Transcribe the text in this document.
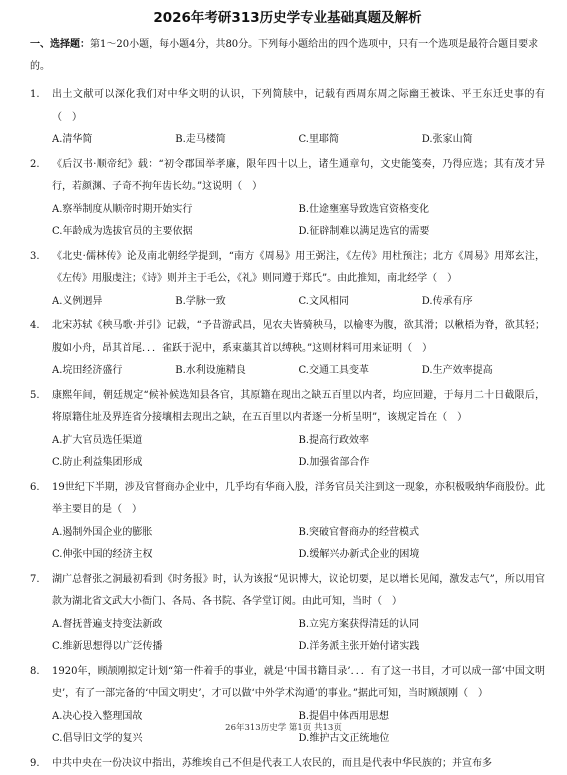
2026年考研313历史学专业基础真题及解析
一、选择题：第1～20小题，每小题4分，共80分。下列每小题给出的四个选项中，只有一个选项是最符合题目要求的。
1.	出土文献可以深化我们对中华文明的认识，下列简牍中，记载有西周东周之际幽王被诛、平王东迁史事的有（　）
A.清华简	B.走马楼简	C.里耶简	D.张家山简
2.	《后汉书·顺帝纪》载：“初令郡国举孝廉，限年四十以上，诸生通章句，文史能笺奏，乃得应选；其有茂才异行，若颜渊、子奇不拘年齿长幼。”这说明（　）
A.察举制度从顺帝时期开始实行	B.仕途壅塞导致选官资格变化
C.年龄成为选拔官员的主要依据	D.征辟制难以满足选官的需要
3.	《北史·儒林传》论及南北朝经学提到，“南方《周易》用王弼注，《左传》用杜预注；北方《周易》用郑玄注，《左传》用服虔注；《诗》则并主于毛公，《礼》则同遵于郑氏”。由此推知，南北经学（　）
A.义例迥异	B.学脉一致	C.文风相同	D.传承有序
4.	北宋苏轼《秧马歌·并引》记载，“予昔游武昌，见农夫皆骑秧马，以榆枣为腹，欲其滑；以楸梧为脊，欲其轻；腹如小舟，昂其首尾．．．雀跃于泥中，系束藁其首以缚秧。”这则材料可用来证明（　）
A.垸田经济盛行	B.水利设施精良	C.交通工具变革	D.生产效率提高
5.	康熙年间，朝廷规定“候补候选知县各官，其原籍在现出之缺五百里以内者，均应回避，于每月二十日截限后，将原籍住址及界连省分接壤相去现出之缺，在五百里以内者逐一分析呈明”，该规定旨在（　）
A.扩大官员选任渠道	B.提高行政效率
C.防止利益集团形成	D.加强省部合作
6.	19世纪下半期，涉及官督商办企业中，几乎均有华商入股，洋务官员关注到这一现象，亦积极吸纳华商股份。此举主要目的是（　）
A.遏制外国企业的膨胀	B.突破官督商办的经营模式
C.伸张中国的经济主权	D.缓解兴办新式企业的困境
7.	湖广总督张之洞最初看到《时务报》时，认为该报“见识博大，议论切要，足以增长见闻，激发志气”，所以用官款为湖北省文武大小衙门、各局、各书院、各学堂订阅。由此可知，当时（　）
A.督抚普遍支持变法新政	B.立宪方案获得清廷的认同
C.维新思想得以广泛传播	D.洋务派主张开始付诸实践
8.	1920年，顾颉刚拟定计划“第一件着手的事业，就是‘中国书籍目录’．．．有了这一书目，才可以成一部‘中国文明史’，有了一部完备的‘中国文明史’，才可以做‘中外学术沟通’的事业。”据此可知，当时顾颉刚（　）
A.决心投入整理国故	B.提倡中体西用思想
C.倡导旧文学的复兴	D.维护古文正统地位
9.	中共中央在一份决议中指出，苏维埃自己不但是代表工人农民的，而且是代表中华民族的；并宣布多
26年313历史学 第1页 共13页
